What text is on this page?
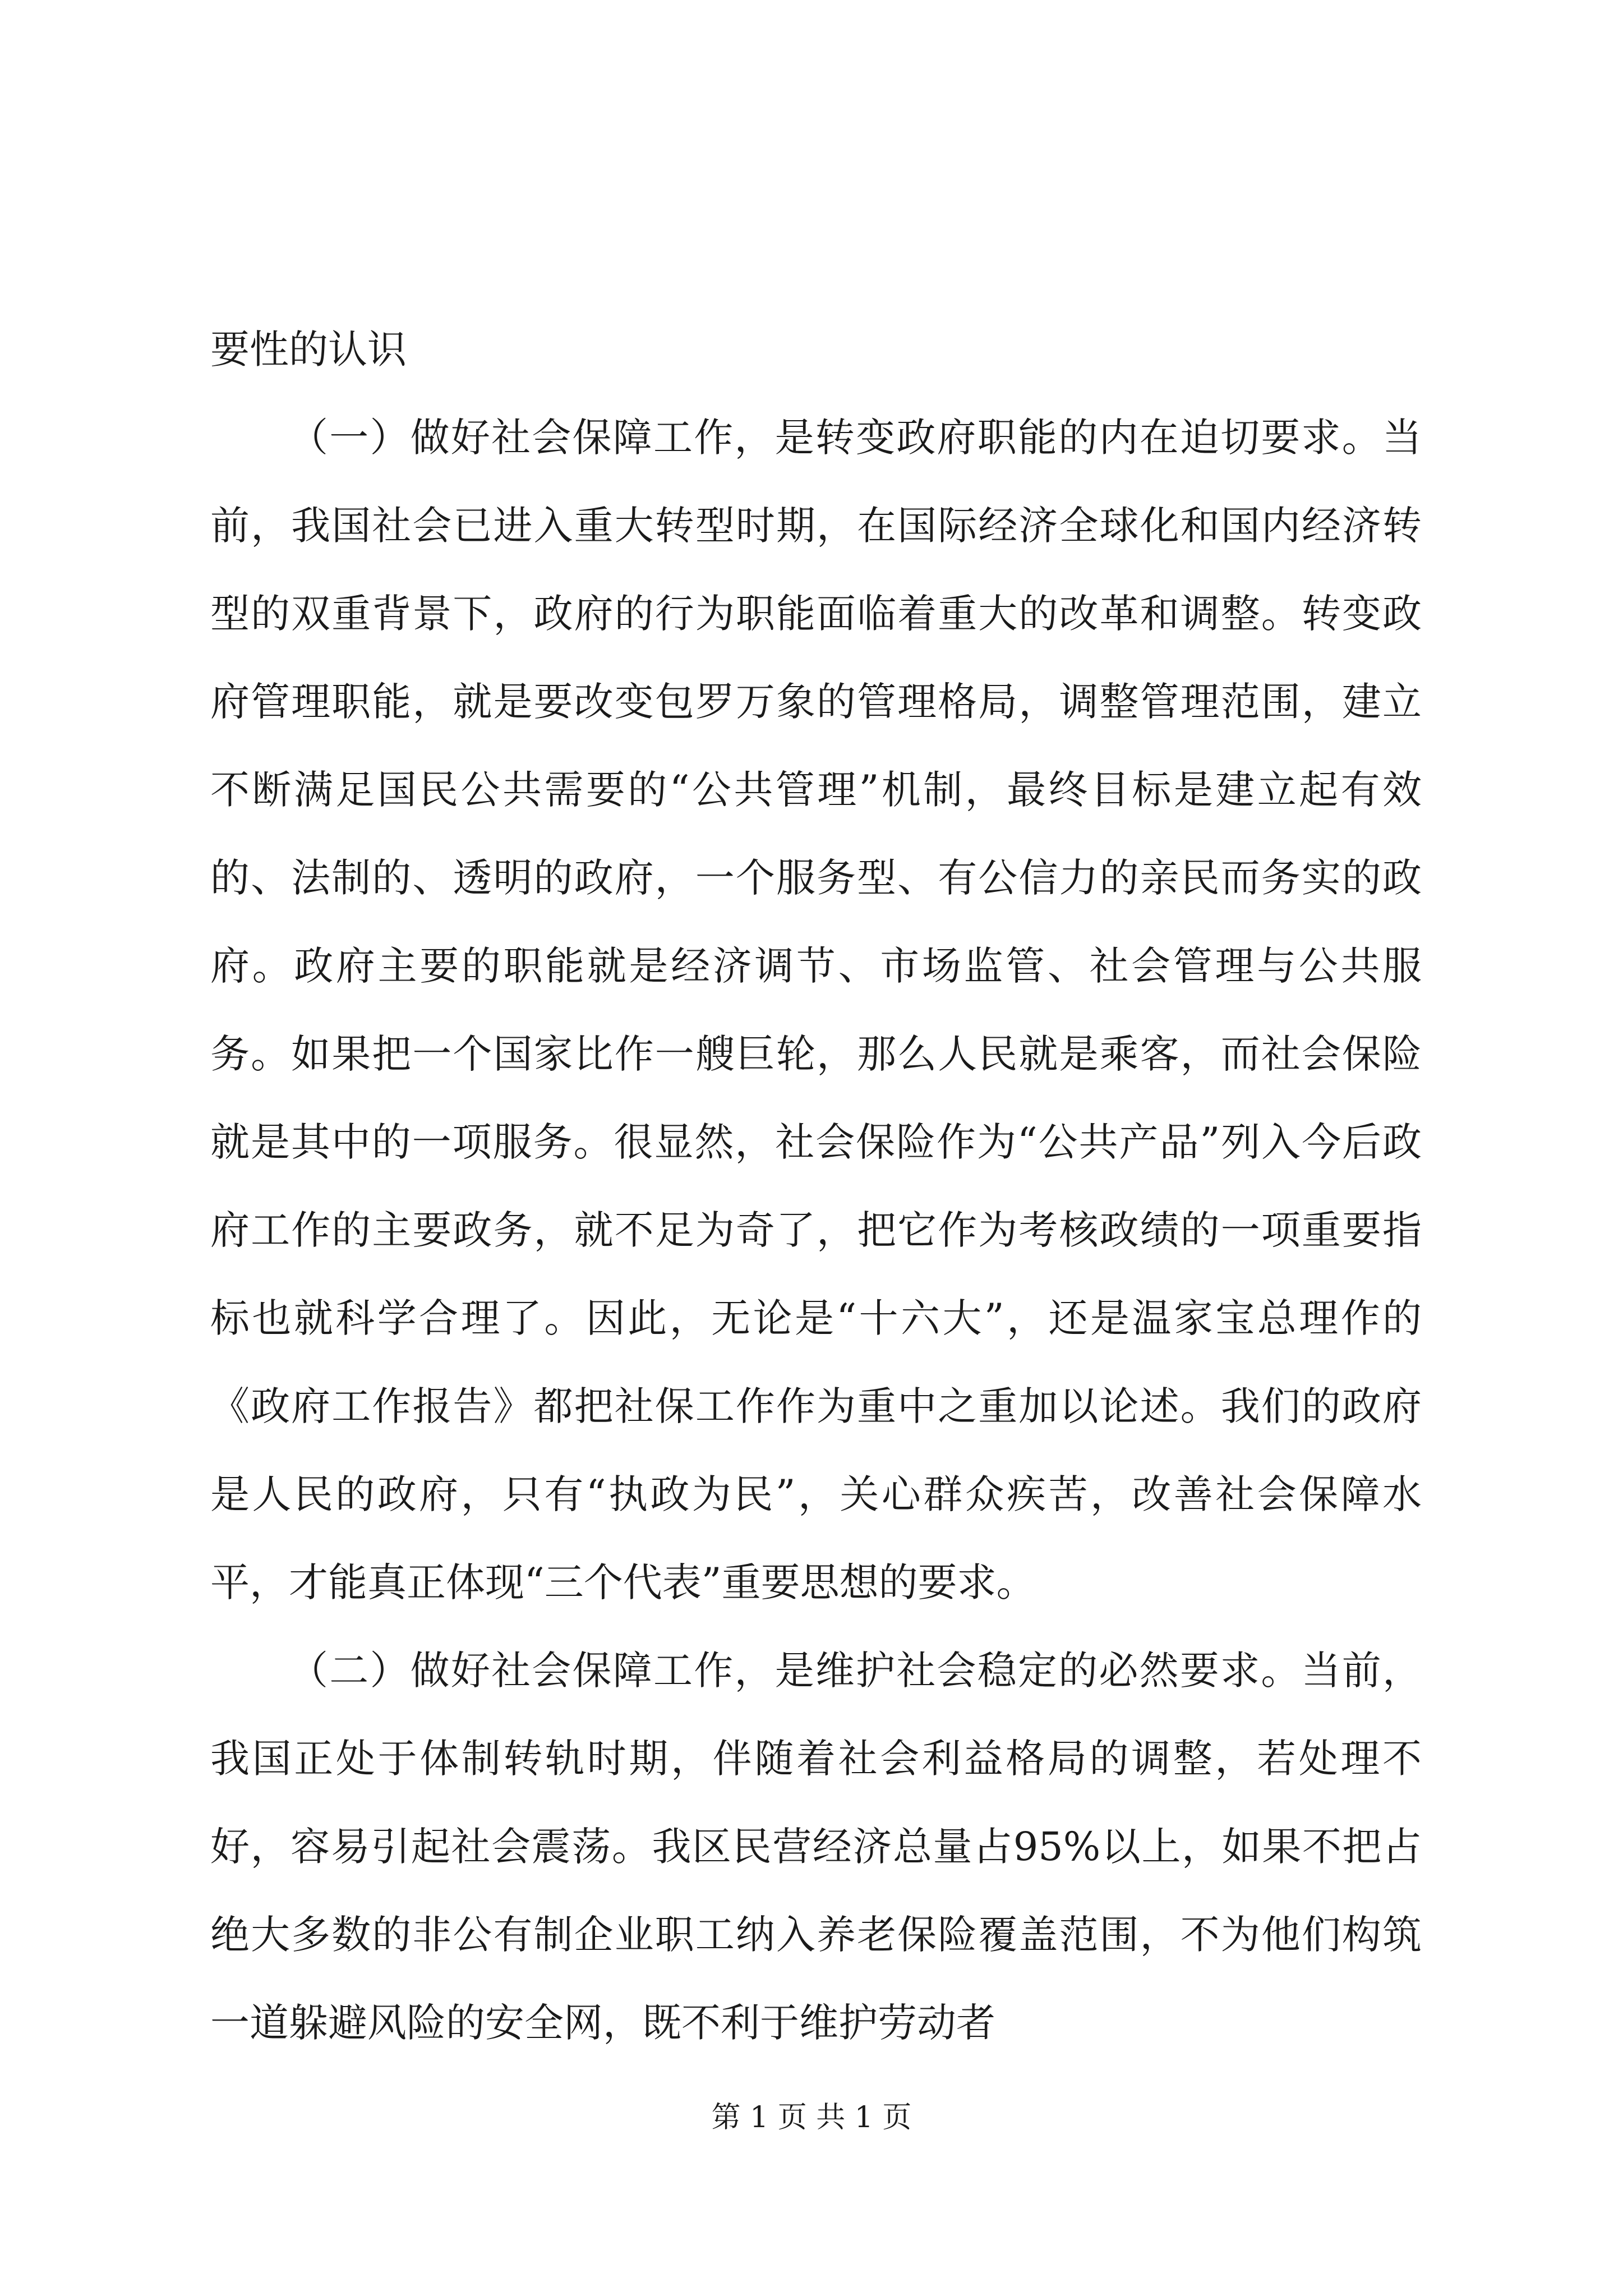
要性的认识

（一）做好社会保障工作，是转变政府职能的内在迫切要求。当前，我国社会已进入重大转型时期，在国际经济全球化和国内经济转型的双重背景下，政府的行为职能面临着重大的改革和调整。转变政府管理职能，就是要改变包罗万象的管理格局，调整管理范围，建立不断满足国民公共需要的“公共管理”机制，最终目标是建立起有效的、法制的、透明的政府，一个服务型、有公信力的亲民而务实的政府。政府主要的职能就是经济调节、市场监管、社会管理与公共服务。如果把一个国家比作一艘巨轮，那么人民就是乘客，而社会保险就是其中的一项服务。很显然，社会保险作为“公共产品”列入今后政府工作的主要政务，就不足为奇了，把它作为考核政绩的一项重要指标也就科学合理了。因此，无论是“十六大”，还是温家宝总理作的《政府工作报告》都把社保工作作为重中之重加以论述。我们的政府是人民的政府，只有“执政为民”，关心群众疾苦，改善社会保障水平，才能真正体现“三个代表”重要思想的要求。

（二）做好社会保障工作，是维护社会稳定的必然要求。当前，我国正处于体制转轨时期，伴随着社会利益格局的调整，若处理不好，容易引起社会震荡。我区民营经济总量占95%以上，如果不把占绝大多数的非公有制企业职工纳入养老保险覆盖范围，不为他们构筑一道躲避风险的安全网，既不利于维护劳动者

第 1 页 共 1 页
